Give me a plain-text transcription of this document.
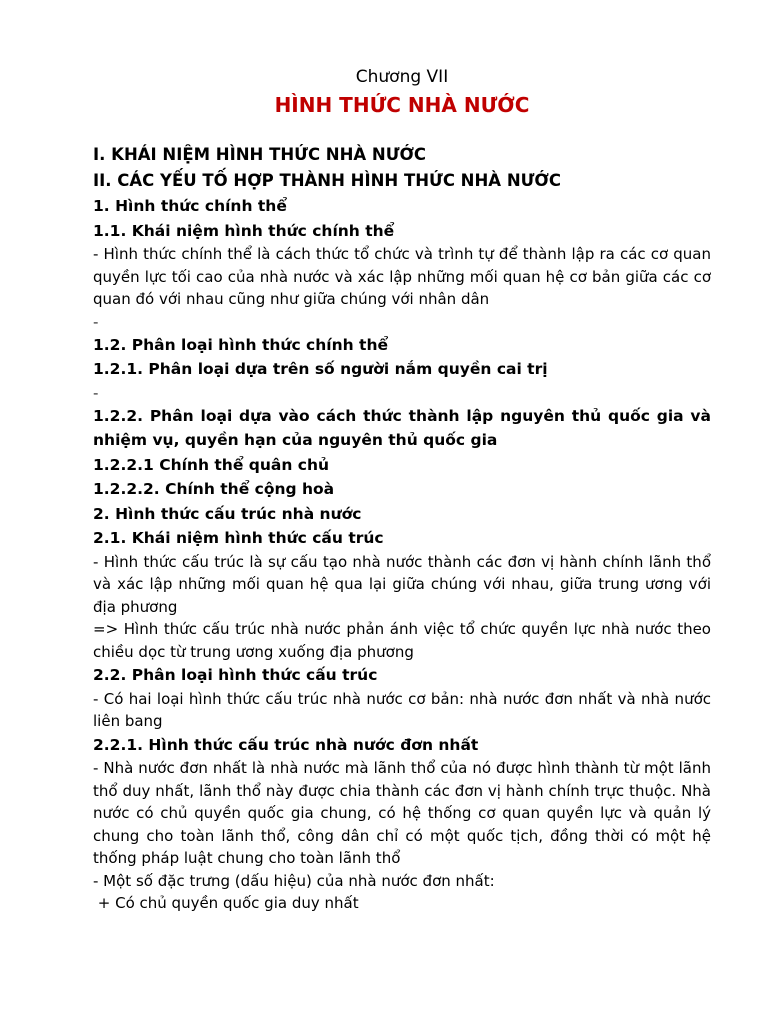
Chương VII

HÌNH THỨC NHÀ NƯỚC

I. KHÁI NIỆM HÌNH THỨC NHÀ NƯỚC

II. CÁC YẾU TỐ HỢP THÀNH HÌNH THỨC NHÀ NƯỚC

1. Hình thức chính thể

1.1. Khái niệm hình thức chính thể

- Hình thức chính thể là cách thức tổ chức và trình tự để thành lập ra các cơ quan quyền lực tối cao của nhà nước và xác lập những mối quan hệ cơ bản giữa các cơ quan đó với nhau cũng như giữa chúng với nhân dân

-

1.2. Phân loại hình thức chính thể

1.2.1. Phân loại dựa trên số người nắm quyền cai trị

-

1.2.2. Phân loại dựa vào cách thức thành lập nguyên thủ quốc gia và nhiệm vụ, quyền hạn của nguyên thủ quốc gia

1.2.2.1 Chính thể quân chủ

1.2.2.2. Chính thể cộng hoà

2. Hình thức cấu trúc nhà nước

2.1. Khái niệm hình thức cấu trúc

- Hình thức cấu trúc là sự cấu tạo nhà nước thành các đơn vị hành chính lãnh thổ và xác lập những mối quan hệ qua lại giữa chúng với nhau, giữa trung ương với địa phương

=> Hình thức cấu trúc nhà nước phản ánh việc tổ chức quyền lực nhà nước theo chiều dọc từ trung ương xuống địa phương

2.2. Phân loại hình thức cấu trúc

- Có hai loại hình thức cấu trúc nhà nước cơ bản: nhà nước đơn nhất và nhà nước liên bang

2.2.1. Hình thức cấu trúc nhà nước đơn nhất

- Nhà nước đơn nhất là nhà nước mà lãnh thổ của nó được hình thành từ một lãnh thổ duy nhất, lãnh thổ này được chia thành các đơn vị hành chính trực thuộc. Nhà nước có chủ quyền quốc gia chung, có hệ thống cơ quan quyền lực và quản lý chung cho toàn lãnh thổ, công dân chỉ có một quốc tịch, đồng thời có một hệ thống pháp luật chung cho toàn lãnh thổ

- Một số đặc trưng (dấu hiệu) của nhà nước đơn nhất:

+ Có chủ quyền quốc gia duy nhất
